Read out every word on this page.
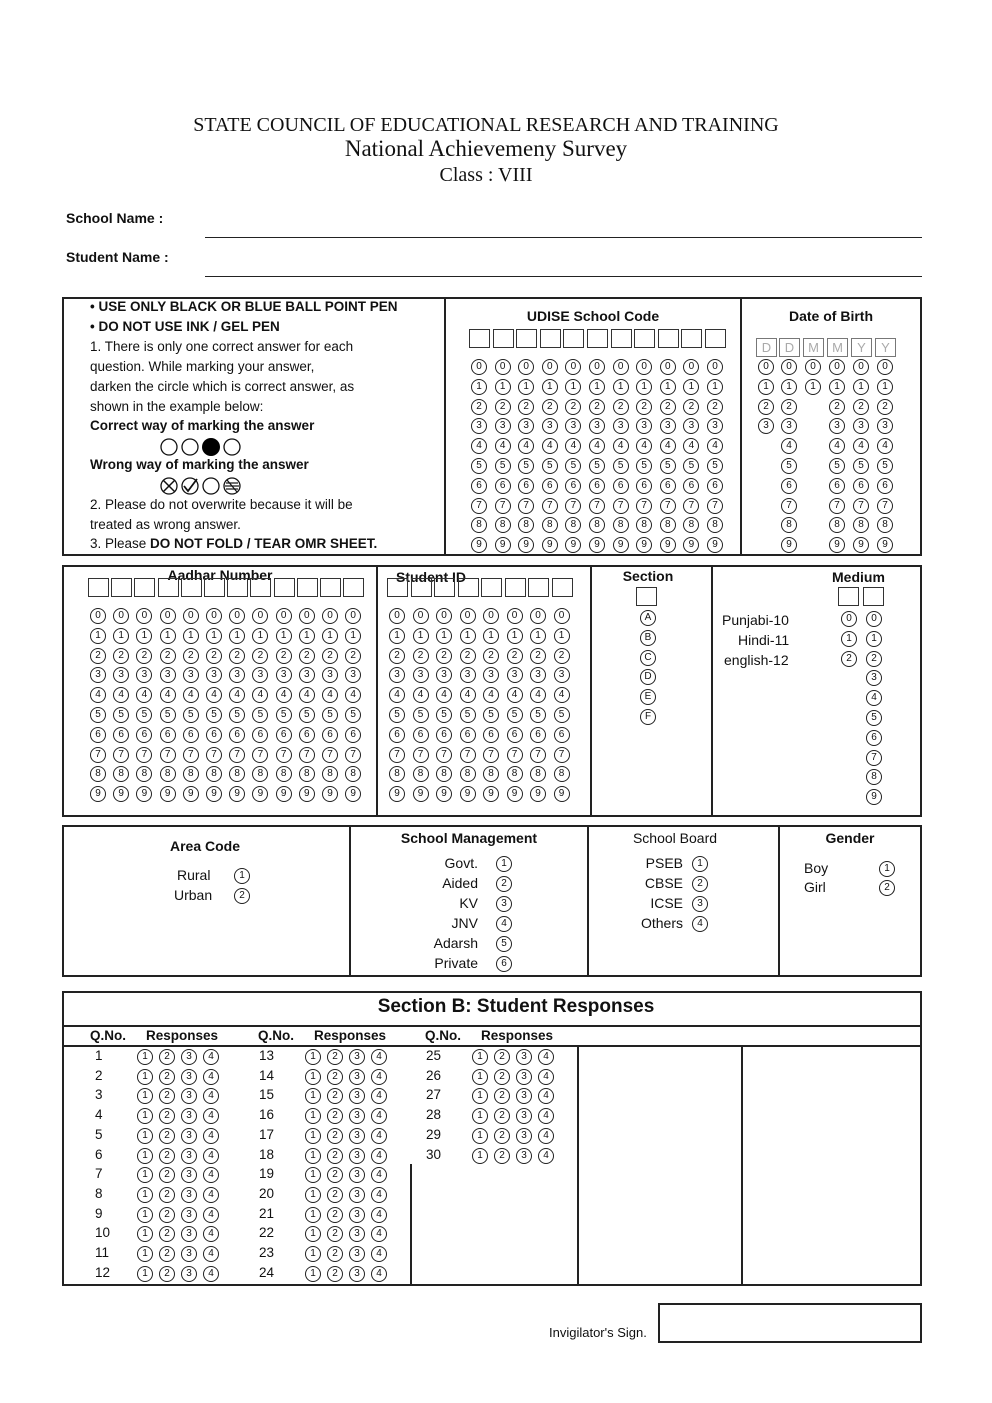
STATE COUNCIL OF EDUCATIONAL RESEARCH AND TRAINING
National Achievemeny Survey
Class : VIII
School Name :
Student Name :
• USE ONLY BLACK OR BLUE BALL POINT PEN
• DO NOT USE INK / GEL PEN
1. There is only one correct answer for each
question. While marking your answer,
darken the circle which is correct answer, as
shown in the example below:
Correct way of marking the answer
Wrong way of marking the answer
2. Please do not overwrite because it will be
treated as wrong answer.
3. Please DO NOT FOLD / TEAR OMR SHEET.
UDISE School Code	Date of Birth
Aadhar Number	Student ID	Section	Medium
Punjabi-10
Hindi-11
english-12
Area Code
Rural	1
Urban	2
School Management
Govt.	1
Aided	2
KV	3
JNV	4
Adarsh	5
Private	6
School Board
PSEB	1
CBSE	2
ICSE	3
Others	4
Gender
Boy	1
Girl	2
Section B: Student Responses
Q.No. Responses	Q.No. Responses	Q.No. Responses
1	1	2	3	4
2	1	2	3	4
3	1	2	3	4
4	1	2	3	4
5	1	2	3	4
6	1	2	3	4
7	1	2	3	4
8	1	2	3	4
9	1	2	3	4
10	1	2	3	4
11	1	2	3	4
12	1	2	3	4
13	1	2	3	4
14	1	2	3	4
15	1	2	3	4
16	1	2	3	4
17	1	2	3	4
18	1	2	3	4
19	1	2	3	4
20	1	2	3	4
21	1	2	3	4
22	1	2	3	4
23	1	2	3	4
24	1	2	3	4
25	1	2	3	4
26	1	2	3	4
27	1	2	3	4
28	1	2	3	4
29	1	2	3	4
30	1	2	3	4
Invigilator's Sign.
0
1
2
3
4
5
6
7
8
9
0
1
2
3
4
5
6
7
8
9
0
1
2
3
4
5
6
7
8
9
0
1
2
3
4
5
6
7
8
9
0
1
2
3
4
5
6
7
8
9
0
1
2
3
4
5
6
7
8
9
0
1
2
3
4
5
6
7
8
9
0
1
2
3
4
5
6
7
8
9
0
1
2
3
4
5
6
7
8
9
0
1
2
3
4
5
6
7
8
9
0
1
2
3
4
5
6
7
8
9
0
1
2
3
4
5
6
7
8
9
0
1
2
3
4
5
6
7
8
9
0
1
2
3
4
5
6
7
8
9
0
1
2
3
4
5
6
7
8
9
0
1
2
3
4
5
6
7
8
9
0
1
2
3
4
5
6
7
8
9
0
1
2
3
4
5
6
7
8
9
0
1
2
3
4
5
6
7
8
9
0
1
2
3
4
5
6
7
8
9
0
1
2
3
4
5
6
7
8
9
0
1
2
3
4
5
6
7
8
9
0
1
2
3
4
5
6
7
8
9
0
1
2
3
4
5
6
7
8
9
0
1
2
3
4
5
6
7
8
9
0
1
2
3
4
5
6
7
8
9
0
1
2
3
4
5
6
7
8
9
0
1
2
3
4
5
6
7
8
9
0
1
2
3
4
5
6
7
8
9
0
1
2
3
4
5
6
7
8
9
0
1
2
3
4
5
6
7
8
9
D
0
1
2
3
D
0
1
2
3
4
5
6
7
8
9
M
0
1
M
0
1
2
3
4
5
6
7
8
9
Y
0
1
2
3
4
5
6
7
8
9
Y
0
1
2
3
4
5
6
7
8
9
A
B
C
D
E
F
0
1
2
0
1
2
3
4
5
6
7
8
9
